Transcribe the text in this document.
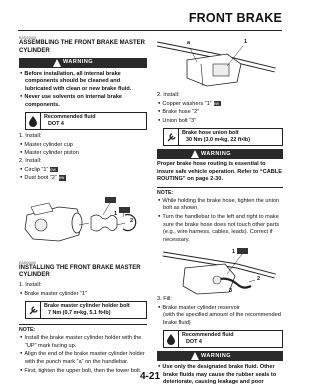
FRONT BRAKE

EAS00000

ASSEMBLING THE FRONT BRAKE MASTER CYLINDER

WARNING

● Before installation, all internal brake components should be cleaned and lubricated with clean or new brake fluid.

● Never use solvents on internal brake components.

Recommended fluid
DOT 4

1. Install:

● Master cylinder cup

● Master cylinder piston

2. Install:

● Circlip “1”New

● Dust boot “2”New

1
2

EAS00000

INSTALLING THE FRONT BRAKE MASTER CYLINDER

1. Install:

● Brake master cylinder “1”

Brake master cylinder holder bolt
7 Nm (0.7 m•kg, 5.1 ft•lb)

NOTE:

● Install the brake master cylinder holder with the “UP” mark facing up.

● Align the end of the brake master cylinder holder with the punch mark “a” on the handlebar.

● First, tighten the upper bolt, then the lower bolt.

a	1

2. Install:

● Copper washers “1”New

● Brake hose “2”

● Union bolt “3”

Brake hose union bolt
30 Nm (3.0 m•kg, 22 ft•lb)
WARNING

Proper brake hose routing is essential to insure safe vehicle operation. Refer to “CABLE ROUTING” on page 2-30.

NOTE:

● While holding the brake hose, tighten the union bolt as shown.

● Turn the handlebar to the left and right to make sure the brake hose does not touch other parts (e.g., wire harness, cables, leads). Correct if necessary.

1
2
3

3. Fill:

● Brake master cylinder reservoir

(with the specified amount of the recommended brake fluid)

Recommended fluid
DOT 4
WARNING

● Use only the designated brake fluid. Other brake fluids may cause the rubber seals to deteriorate, causing leakage and poor

4-21
